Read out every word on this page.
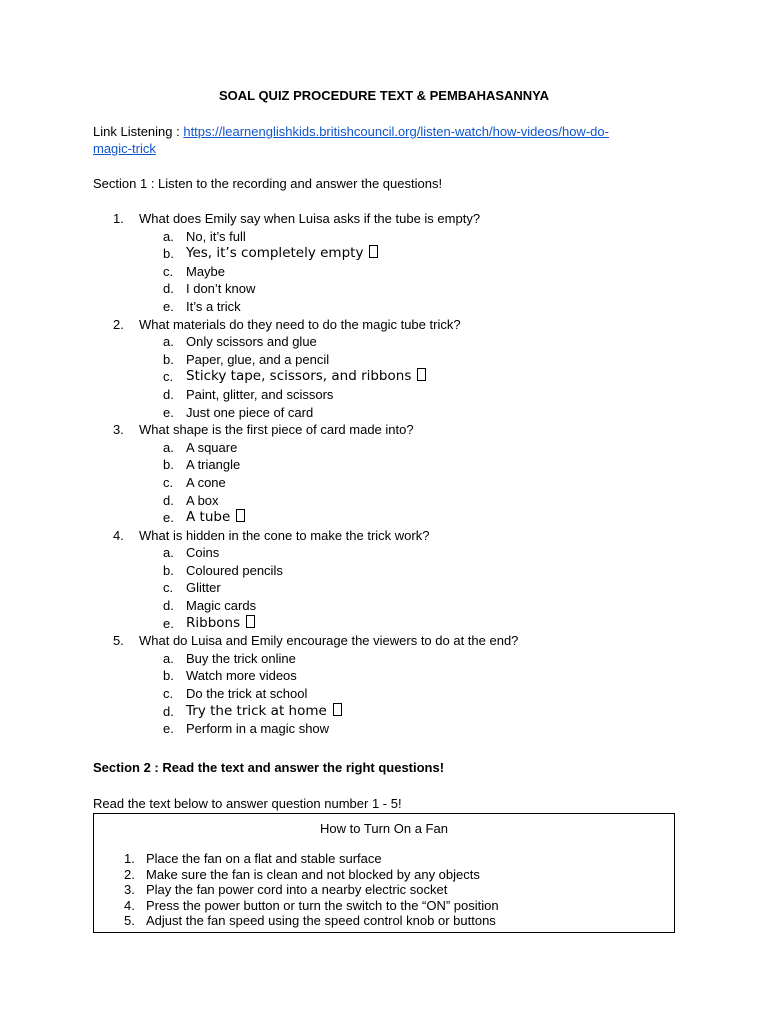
SOAL QUIZ PROCEDURE TEXT & PEMBAHASANNYA
Link Listening : https://learnenglishkids.britishcouncil.org/listen-watch/how-videos/how-do-
magic-trick
Section 1 : Listen to the recording and answer the questions!
1.	What does Emily say when Luisa asks if the tube is empty?
a. No, it’s full
b. Yes, it’s completely empty
c. Maybe
d. I don’t know
e. It’s a trick
2.	What materials do they need to do the magic tube trick?
a. Only scissors and glue
b. Paper, glue, and a pencil
c. Sticky tape, scissors, and ribbons
d. Paint, glitter, and scissors
e. Just one piece of card
3.	What shape is the first piece of card made into?
a. A square
b. A triangle
c. A cone
d. A box
e. A tube
4.	What is hidden in the cone to make the trick work?
a. Coins
b. Coloured pencils
c. Glitter
d. Magic cards
e. Ribbons
5.	What do Luisa and Emily encourage the viewers to do at the end?
a. Buy the trick online
b. Watch more videos
c. Do the trick at school
d. Try the trick at home
e. Perform in a magic show
Section 2 : Read the text and answer the right questions!
Read the text below to answer question number 1 - 5!
How to Turn On a Fan
1. Place the fan on a flat and stable surface
2. Make sure the fan is clean and not blocked by any objects
3. Play the fan power cord into a nearby electric socket
4. Press the power button or turn the switch to the “ON” position
5. Adjust the fan speed using the speed control knob or buttons
